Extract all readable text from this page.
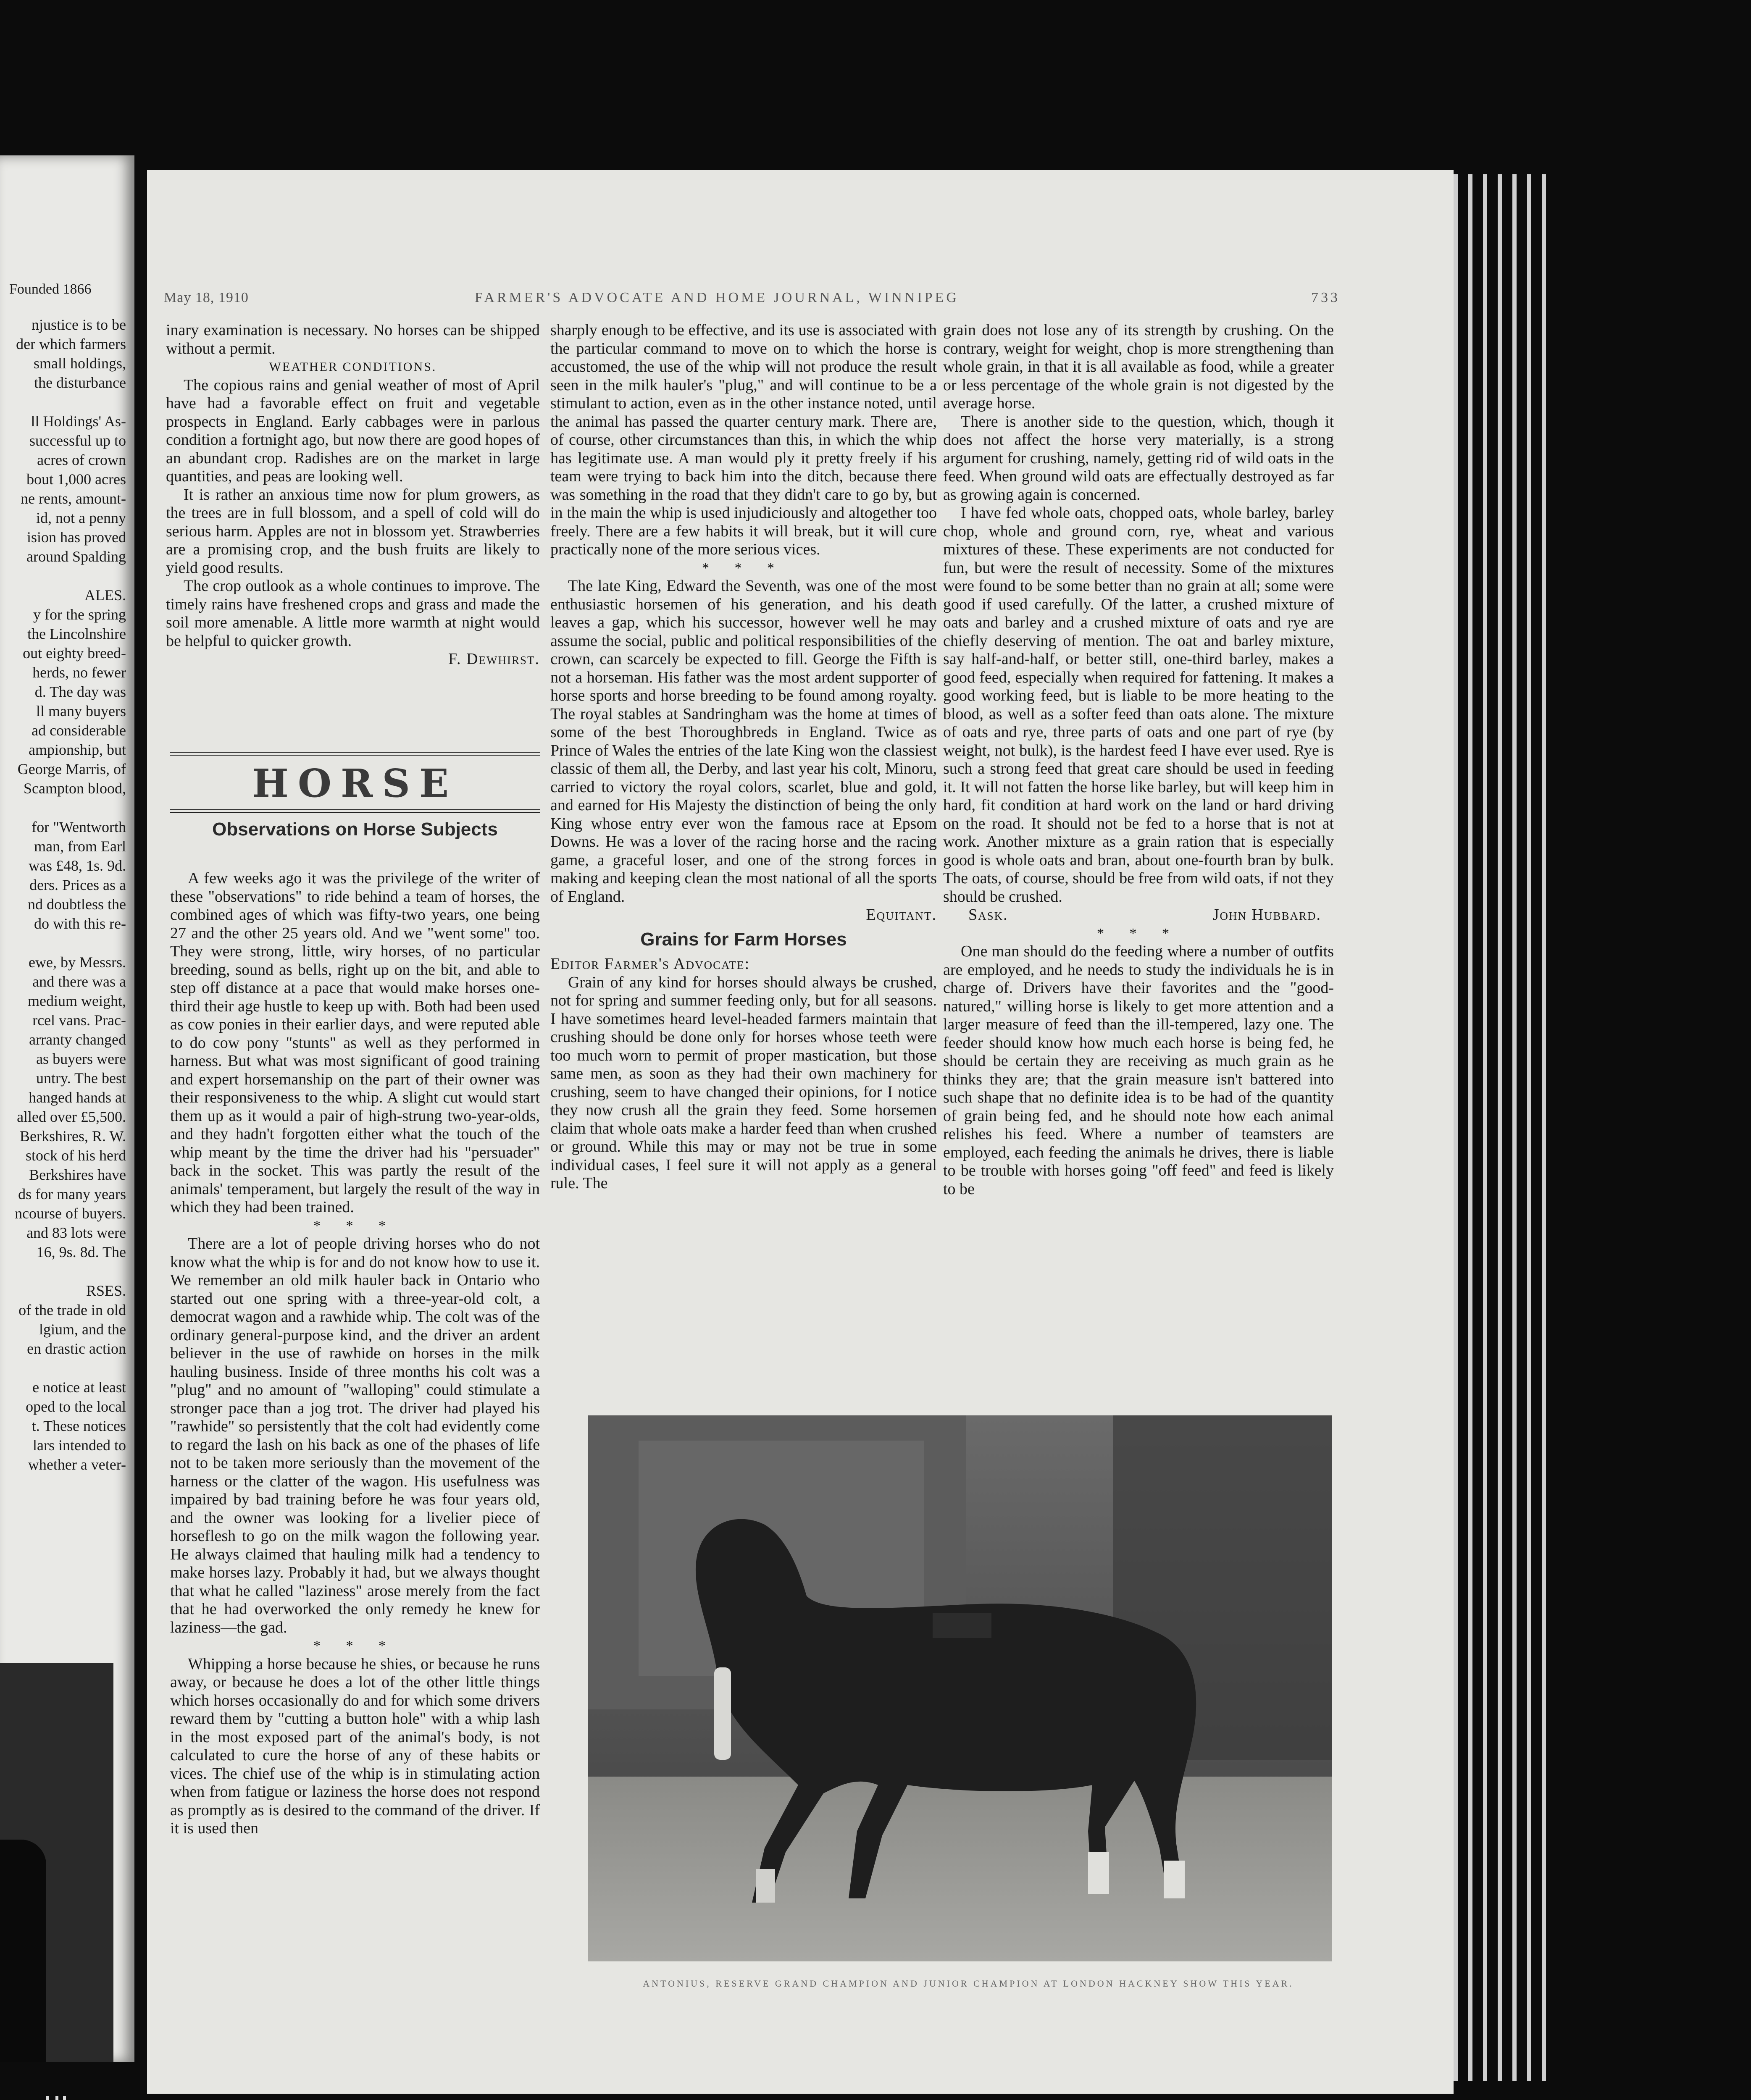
Founded 1866

njustice is to be

der which farmers

small holdings,

the disturbance

ll Holdings' As-

successful up to

acres of crown

bout 1,000 acres

ne rents, amount-

id, not a penny

ision has proved

around Spalding

ALES.

y for the spring

the Lincolnshire

out eighty breed-

herds, no fewer

d. The day was

ll many buyers

ad considerable

ampionship, but

George Marris, of

Scampton blood,

for "Wentworth

man, from Earl

was £48, 1s. 9d.

ders. Prices as a

nd doubtless the

do with this re-

ewe, by Messrs.

and there was a

medium weight,

rcel vans. Prac-

arranty changed

as buyers were

untry. The best

hanged hands at

alled over £5,500.

Berkshires, R. W.

stock of his herd

Berkshires have

ds for many years

ncourse of buyers.

and 83 lots were

16, 9s. 8d. The

RSES.

of the trade in old

lgium, and the

en drastic action

e notice at least

oped to the local

t. These notices

lars intended to

whether a veter-

May 18, 1910	FARMER'S ADVOCATE AND HOME JOURNAL, WINNIPEG	733

inary examination is necessary. No horses can be shipped without a permit.

WEATHER CONDITIONS.

The copious rains and genial weather of most of April have had a favorable effect on fruit and vegetable prospects in England. Early cabbages were in parlous condition a fortnight ago, but now there are good hopes of an abundant crop. Radishes are on the market in large quantities, and peas are looking well.

It is rather an anxious time now for plum growers, as the trees are in full blossom, and a spell of cold will do serious harm. Apples are not in blossom yet. Strawberries are a promising crop, and the bush fruits are likely to yield good results.

The crop outlook as a whole continues to improve. The timely rains have freshened crops and grass and made the soil more amenable. A little more warmth at night would be helpful to quicker growth.

F. Dewhirst.

HORSE
Observations on Horse Subjects

A few weeks ago it was the privilege of the writer of these "observations" to ride behind a team of horses, the combined ages of which was fifty-two years, one being 27 and the other 25 years old. And we "went some" too. They were strong, little, wiry horses, of no particular breeding, sound as bells, right up on the bit, and able to step off distance at a pace that would make horses one-third their age hustle to keep up with. Both had been used as cow ponies in their earlier days, and were reputed able to do cow pony "stunts" as well as they performed in harness. But what was most significant of good training and expert horsemanship on the part of their owner was their responsiveness to the whip. A slight cut would start them up as it would a pair of high-strung two-year-olds, and they hadn't forgotten either what the touch of the whip meant by the time the driver had his "persuader" back in the socket. This was partly the result of the animals' temperament, but largely the result of the way in which they had been trained.

* * *

There are a lot of people driving horses who do not know what the whip is for and do not know how to use it. We remember an old milk hauler back in Ontario who started out one spring with a three-year-old colt, a democrat wagon and a rawhide whip. The colt was of the ordinary general-purpose kind, and the driver an ardent believer in the use of rawhide on horses in the milk hauling business. Inside of three months his colt was a "plug" and no amount of "walloping" could stimulate a stronger pace than a jog trot. The driver had played his "rawhide" so persistently that the colt had evidently come to regard the lash on his back as one of the phases of life not to be taken more seriously than the movement of the harness or the clatter of the wagon. His usefulness was impaired by bad training before he was four years old, and the owner was looking for a livelier piece of horseflesh to go on the milk wagon the following year. He always claimed that hauling milk had a tendency to make horses lazy. Probably it had, but we always thought that what he called "laziness" arose merely from the fact that he had overworked the only remedy he knew for laziness—the gad.

* * *

Whipping a horse because he shies, or because he runs away, or because he does a lot of the other little things which horses occasionally do and for which some drivers reward them by "cutting a button hole" with a whip lash in the most exposed part of the animal's body, is not calculated to cure the horse of any of these habits or vices. The chief use of the whip is in stimulating action when from fatigue or laziness the horse does not respond as promptly as is desired to the command of the driver. If it is used then

sharply enough to be effective, and its use is associated with the particular command to move on to which the horse is accustomed, the use of the whip will not produce the result seen in the milk hauler's "plug," and will continue to be a stimulant to action, even as in the other instance noted, until the animal has passed the quarter century mark. There are, of course, other circumstances than this, in which the whip has legitimate use. A man would ply it pretty freely if his team were trying to back him into the ditch, because there was something in the road that they didn't care to go by, but in the main the whip is used injudiciously and altogether too freely. There are a few habits it will break, but it will cure practically none of the more serious vices.

* * *

The late King, Edward the Seventh, was one of the most enthusiastic horsemen of his generation, and his death leaves a gap, which his successor, however well he may assume the social, public and political responsibilities of the crown, can scarcely be expected to fill. George the Fifth is not a horseman. His father was the most ardent supporter of horse sports and horse breeding to be found among royalty. The royal stables at Sandringham was the home at times of some of the best Thoroughbreds in England. Twice as Prince of Wales the entries of the late King won the classiest classic of them all, the Derby, and last year his colt, Minoru, carried to victory the royal colors, scarlet, blue and gold, and earned for His Majesty the distinction of being the only King whose entry ever won the famous race at Epsom Downs. He was a lover of the racing horse and the racing game, a graceful loser, and one of the strong forces in making and keeping clean the most national of all the sports of England.

Equitant.

Grains for Farm Horses

Editor Farmer's Advocate:

Grain of any kind for horses should always be crushed, not for spring and summer feeding only, but for all seasons. I have sometimes heard level-headed farmers maintain that crushing should be done only for horses whose teeth were too much worn to permit of proper mastication, but those same men, as soon as they had their own machinery for crushing, seem to have changed their opinions, for I notice they now crush all the grain they feed. Some horsemen claim that whole oats make a harder feed than when crushed or ground. While this may or may not be true in some individual cases, I feel sure it will not apply as a general rule. The

grain does not lose any of its strength by crushing. On the contrary, weight for weight, chop is more strengthening than whole grain, in that it is all available as food, while a greater or less percentage of the whole grain is not digested by the average horse.

There is another side to the question, which, though it does not affect the horse very materially, is a strong argument for crushing, namely, getting rid of wild oats in the feed. When ground wild oats are effectually destroyed as far as growing again is concerned.

I have fed whole oats, chopped oats, whole barley, barley chop, whole and ground corn, rye, wheat and various mixtures of these. These experiments are not conducted for fun, but were the result of necessity. Some of the mixtures were found to be some better than no grain at all; some were good if used carefully. Of the latter, a crushed mixture of oats and barley and a crushed mixture of oats and rye are chiefly deserving of mention. The oat and barley mixture, say half-and-half, or better still, one-third barley, makes a good feed, especially when required for fattening. It makes a good working feed, but is liable to be more heating to the blood, as well as a softer feed than oats alone. The mixture of oats and rye, three parts of oats and one part of rye (by weight, not bulk), is the hardest feed I have ever used. Rye is such a strong feed that great care should be used in feeding it. It will not fatten the horse like barley, but will keep him in hard, fit condition at hard work on the land or hard driving on the road. It should not be fed to a horse that is not at work. Another mixture as a grain ration that is especially good is whole oats and bran, about one-fourth bran by bulk. The oats, of course, should be free from wild oats, if not they should be crushed.

Sask.	John Hubbard.

* * *

One man should do the feeding where a number of outfits are employed, and he needs to study the individuals he is in charge of. Drivers have their favorites and the "good-natured," willing horse is likely to get more attention and a larger measure of feed than the ill-tempered, lazy one. The feeder should know how much each horse is being fed, he should be certain they are receiving as much grain as he thinks they are; that the grain measure isn't battered into such shape that no definite idea is to be had of the quantity of grain being fed, and he should note how each animal relishes his feed. Where a number of teamsters are employed, each feeding the animals he drives, there is liable to be trouble with horses going "off feed" and feed is likely to be

ANTONIUS, RESERVE GRAND CHAMPION AND JUNIOR CHAMPION AT LONDON HACKNEY SHOW THIS YEAR.
